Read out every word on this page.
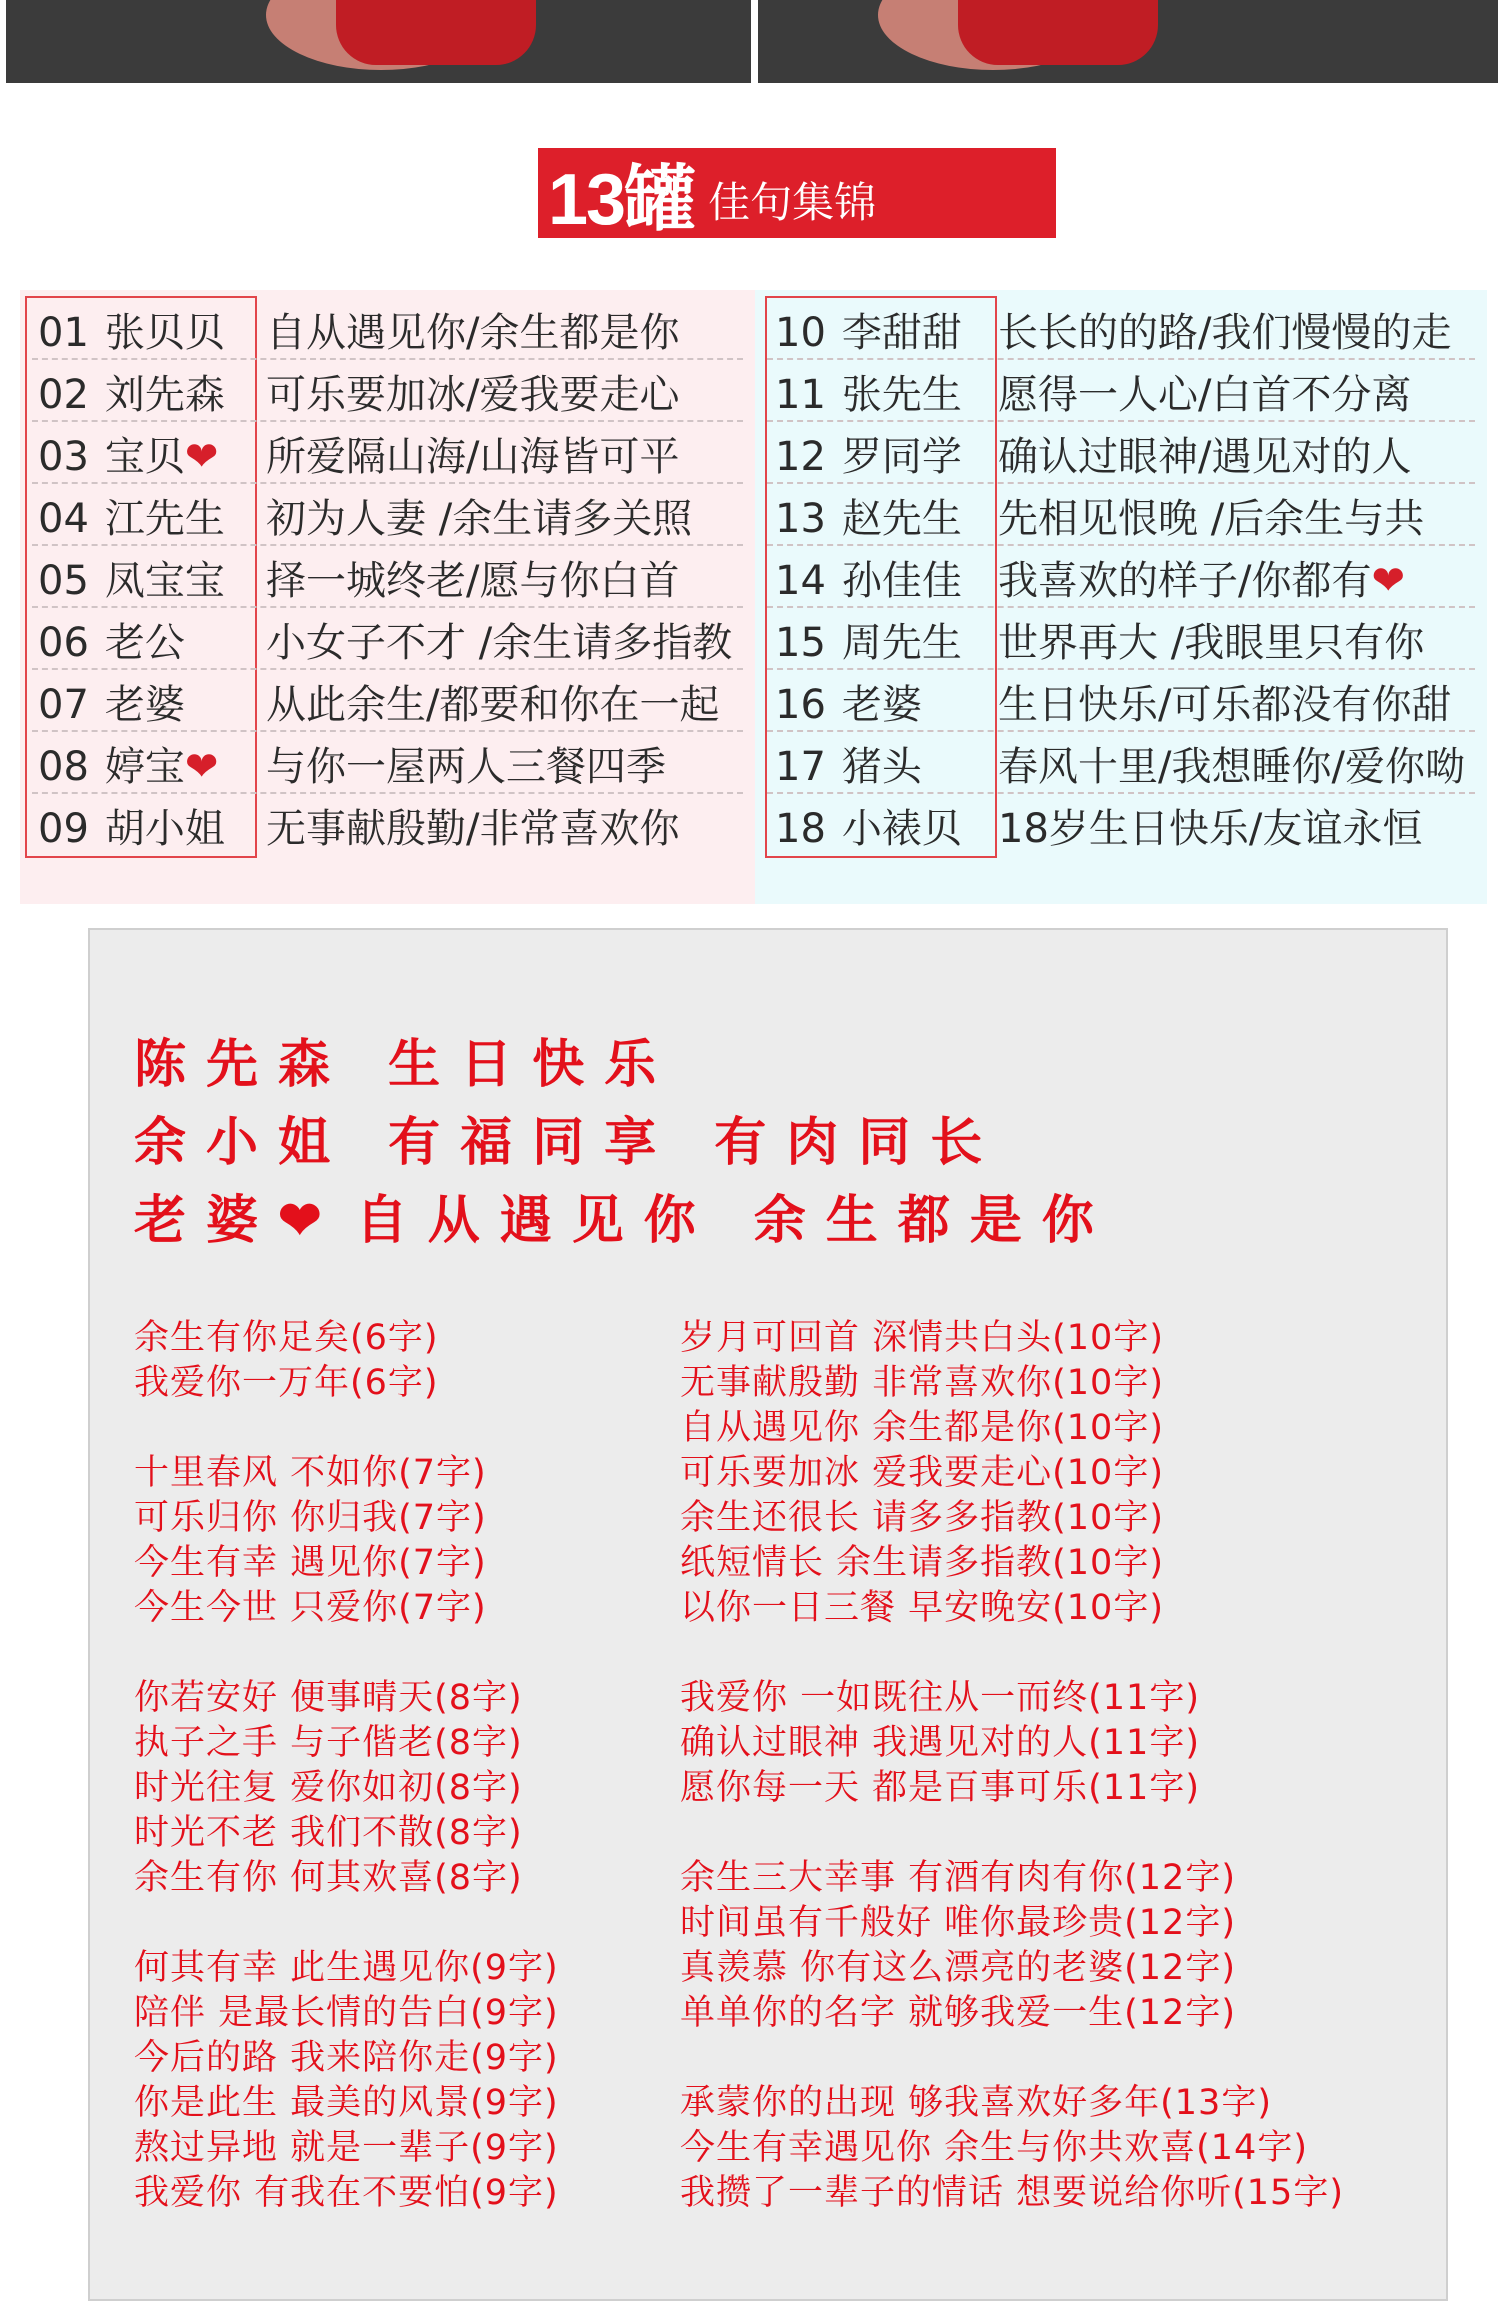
13罐 佳句集锦
01 张贝贝 自从遇见你/余生都是你
02 刘先森 可乐要加冰/爱我要走心
03 宝贝❤ 所爱隔山海/山海皆可平
04 江先生 初为人妻 /余生请多关照
05 凤宝宝 择一城终老/愿与你白首
06 老公 小女子不才 /余生请多指教
07 老婆 从此余生/都要和你在一起
08 婷宝❤ 与你一屋两人三餐四季
09 胡小姐 无事献殷勤/非常喜欢你
10 李甜甜 长长的的路/我们慢慢的走
11 张先生 愿得一人心/白首不分离
12 罗同学 确认过眼神/遇见对的人
13 赵先生 先相见恨晚 /后余生与共
14 孙佳佳 我喜欢的样子/你都有❤
15 周先生 世界再大 /我眼里只有你
16 老婆 生日快乐/可乐都没有你甜
17 猪头 春风十里/我想睡你/爱你呦
18 小裱贝 18岁生日快乐/友谊永恒
陈先森 生日快乐
余小姐 有福同享 有肉同长
老婆❤ 自从遇见你 余生都是你
余生有你足矣(6字)
我爱你一万年(6字)
十里春风 不如你(7字)
可乐归你 你归我(7字)
今生有幸 遇见你(7字)
今生今世 只爱你(7字)
你若安好 便事晴天(8字)
执子之手 与子偕老(8字)
时光往复 爱你如初(8字)
时光不老 我们不散(8字)
余生有你 何其欢喜(8字)
何其有幸 此生遇见你(9字)
陪伴 是最长情的告白(9字)
今后的路 我来陪你走(9字)
你是此生 最美的风景(9字)
熬过异地 就是一辈子(9字)
我爱你 有我在不要怕(9字)
岁月可回首 深情共白头(10字)
无事献殷勤 非常喜欢你(10字)
自从遇见你 余生都是你(10字)
可乐要加冰 爱我要走心(10字)
余生还很长 请多多指教(10字)
纸短情长 余生请多指教(10字)
以你一日三餐 早安晚安(10字)
我爱你 一如既往从一而终(11字)
确认过眼神 我遇见对的人(11字)
愿你每一天 都是百事可乐(11字)
余生三大幸事 有酒有肉有你(12字)
时间虽有千般好 唯你最珍贵(12字)
真羡慕 你有这么漂亮的老婆(12字)
单单你的名字 就够我爱一生(12字)
承蒙你的出现 够我喜欢好多年(13字)
今生有幸遇见你 余生与你共欢喜(14字)
我攒了一辈子的情话 想要说给你听(15字)
